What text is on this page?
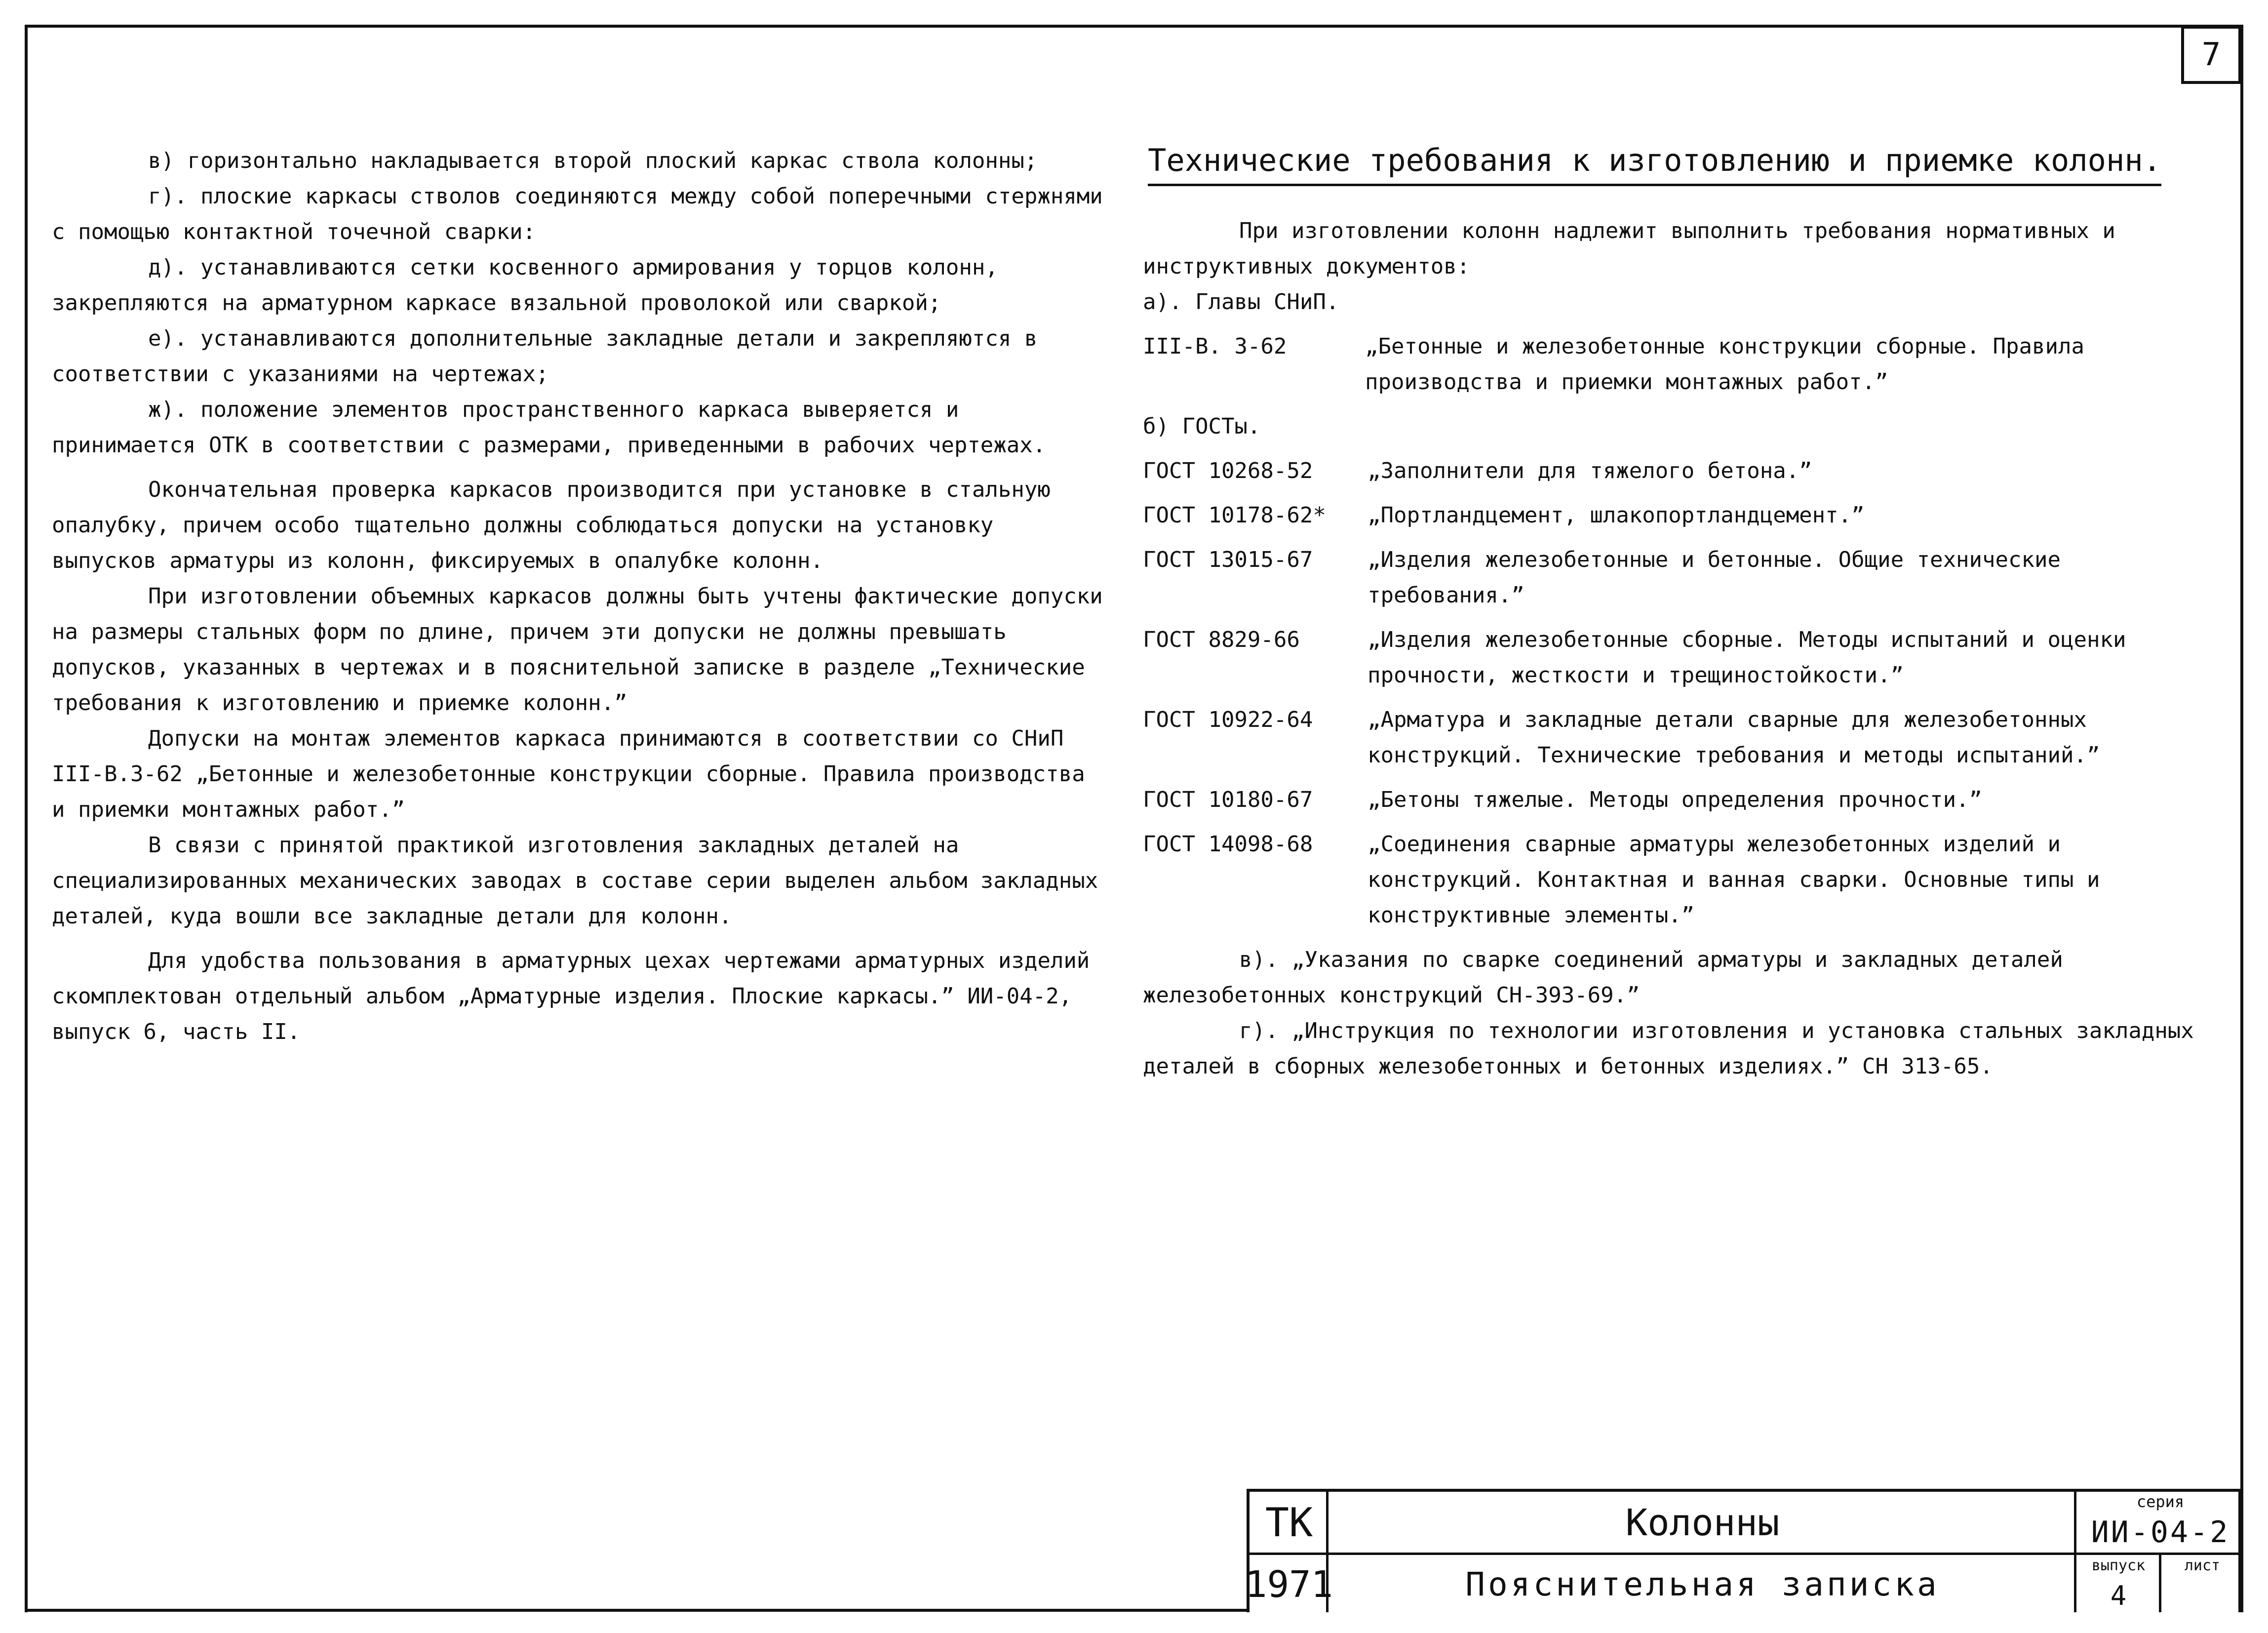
7

в) горизонтально накладывается второй плоский каркас ствола колонны;

г). плоские каркасы стволов соединяются между собой поперечными стержнями с помощью контактной точечной сварки:

д). устанавливаются сетки косвенного армирования у торцов колонн, закрепляются на арматурном каркасе вязальной проволокой или сваркой;

е). устанавливаются дополнительные закладные детали и закрепляются в соответствии с указаниями на чертежах;

ж). положение элементов пространственного каркаса выверяется и принимается ОТК в соответствии с размерами, приведенными в рабочих чертежах.

Окончательная проверка каркасов производится при установке в стальную опалубку, причем особо тщательно должны соблюдаться допуски на установку выпусков арматуры из колонн, фиксируемых в опалубке колонн.

При изготовлении объемных каркасов должны быть учтены фактические допуски на размеры стальных форм по длине, причем эти допуски не должны превышать допусков, указанных в чертежах и в пояснительной записке в разделе „Технические требования к изготовлению и приемке колонн.”

Допуски на монтаж элементов каркаса принимаются в соответствии со СНиП III-В.3-62 „Бетонные и железобетонные конструкции сборные. Правила производства и приемки монтажных работ.”

В связи с принятой практикой изготовления закладных деталей на специализированных механических заводах в составе серии выделен альбом закладных деталей, куда вошли все закладные детали для колонн.

Для удобства пользования в арматурных цехах чертежами арматурных изделий скомплектован отдельный альбом „Арматурные изделия. Плоские каркасы.” ИИ-04-2, выпуск 6, часть II.

Технические требования к изготовлению и приемке колонн.

При изготовлении колонн надлежит выполнить требования нормативных и инструктивных документов:

а). Главы СНиП.

III-В. 3-62	„Бетонные и железобетонные конструкции сборные. Правила производства и приемки монтажных работ.”

б) ГОСТы.

ГОСТ 10268-52	„Заполнители для тяжелого бетона.”
ГОСТ 10178-62*	„Портландцемент, шлакопортландцемент.”
ГОСТ 13015-67	„Изделия железобетонные и бетонные. Общие технические требования.”
ГОСТ 8829-66	„Изделия железобетонные сборные. Методы испытаний и оценки прочности, жесткости и трещиностойкости.”
ГОСТ 10922-64	„Арматура и закладные детали сварные для железобетонных конструкций. Технические требования и методы испытаний.”
ГОСТ 10180-67	„Бетоны тяжелые. Методы определения прочности.”
ГОСТ 14098-68	„Соединения сварные арматуры железобетонных изделий и конструкций. Контактная и ванная сварки. Основные типы и конструктивные элементы.”

в). „Указания по сварке соединений арматуры и закладных деталей железобетонных конструкций СН-393-69.”

г). „Инструкция по технологии изготовления и установка стальных закладных деталей в сборных железобетонных и бетонных изделиях.” СН 313-65.

ТК
1971
Колонны
Пояснительная записка
серия
ИИ-04-2
выпуск
4
лист
